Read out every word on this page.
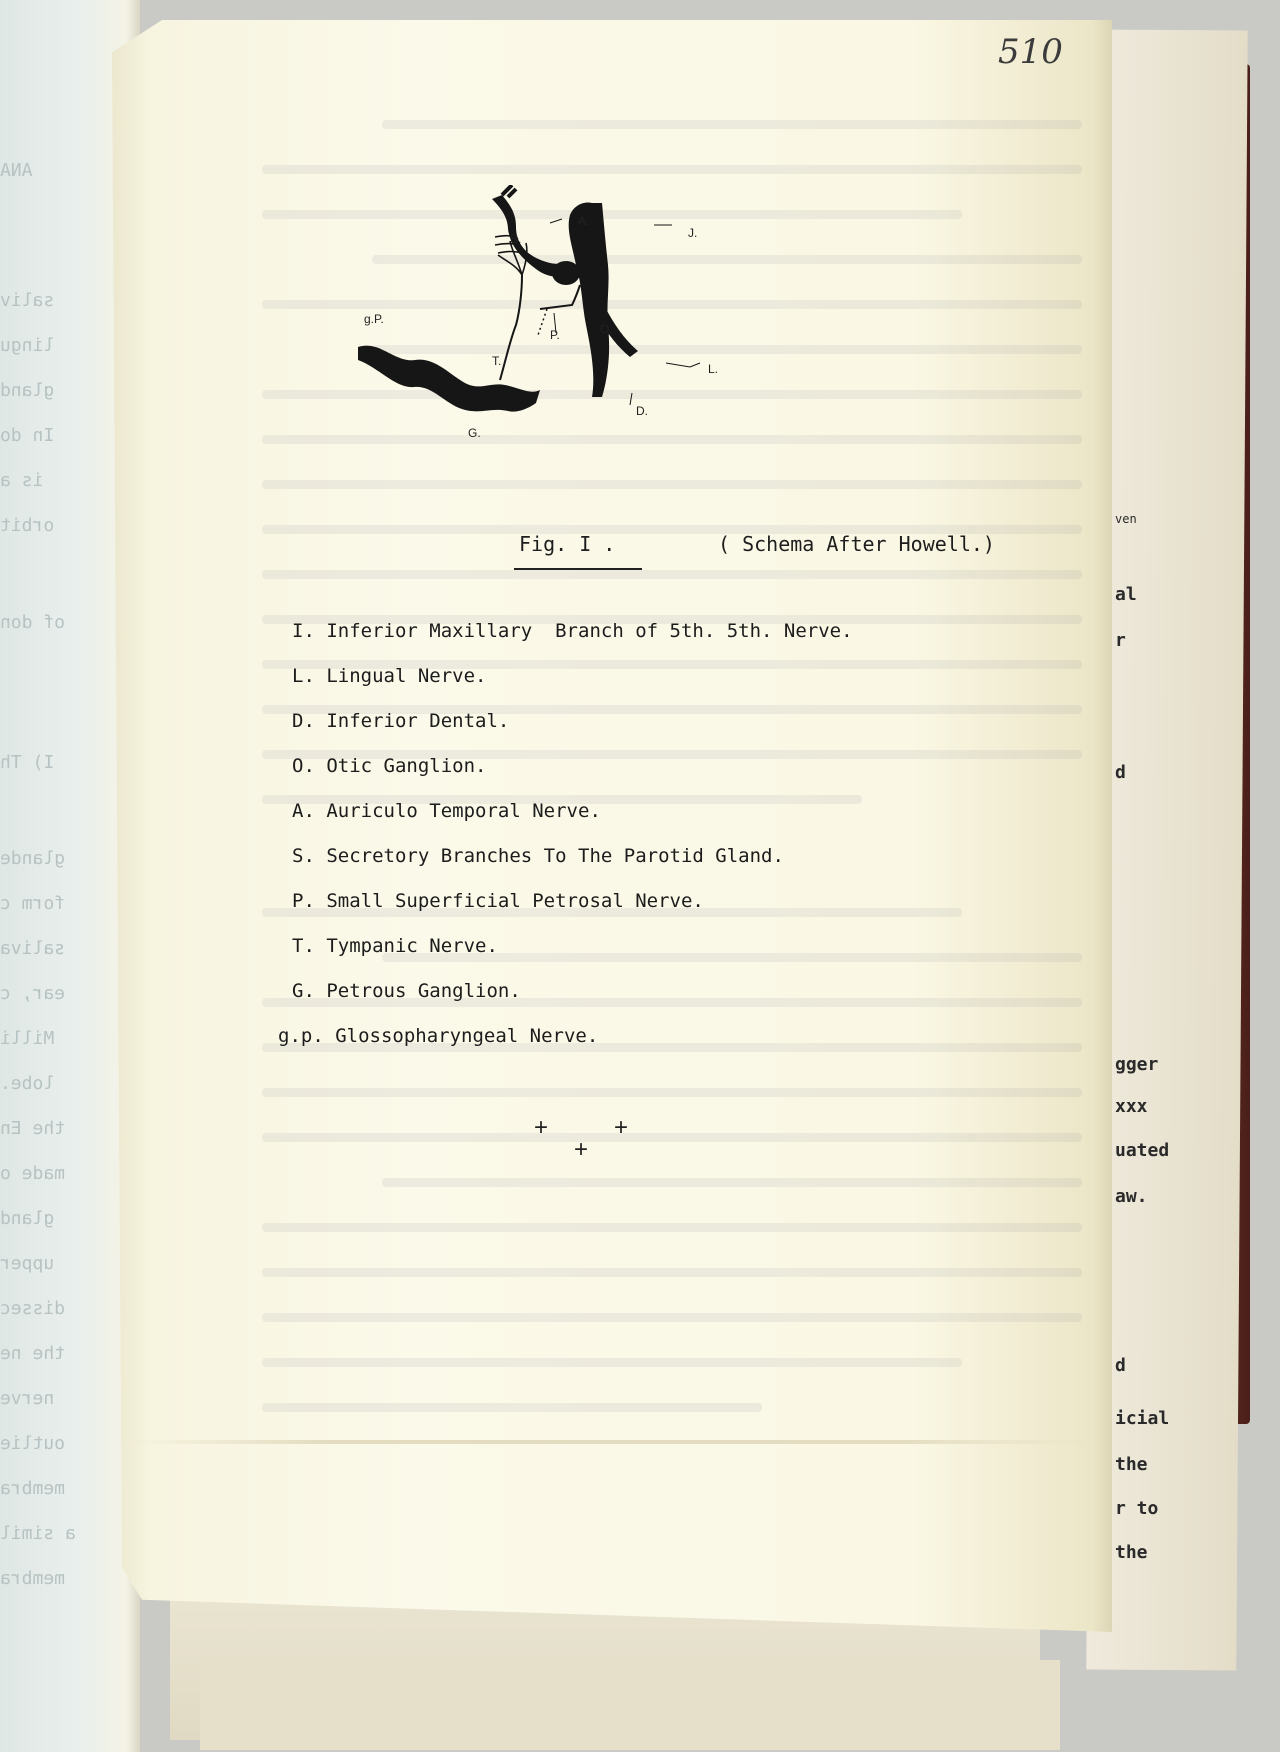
ANA
saliv
lingu
gland
In do
is a
orbit
of don
I) Th
glande
form c
saliva
ear, c
Milli
lobe.
the En
made o
gland
upper
dissec
the ne
nerve
outlie
membra
a simil
membra
ven
al
r
d
gger
xxx
uated
aw.
d
icial
the
r to
the
510
S.
A.
J.
g.P.
P.	O.
T.
L.
D.
G.
Fig. I .	( Schema After Howell.)
I. Inferior Maxillary  Branch of 5th. 5th. Nerve.
L. Lingual Nerve.
D. Inferior Dental.
O. Otic Ganglion.
A. Auriculo Temporal Nerve.
S. Secretory Branches To The Parotid Gland.
P. Small Superficial Petrosal Nerve.
T. Tympanic Nerve.
G. Petrous Ganglion.
g.p. Glossopharyngeal Nerve.
+	+
+
